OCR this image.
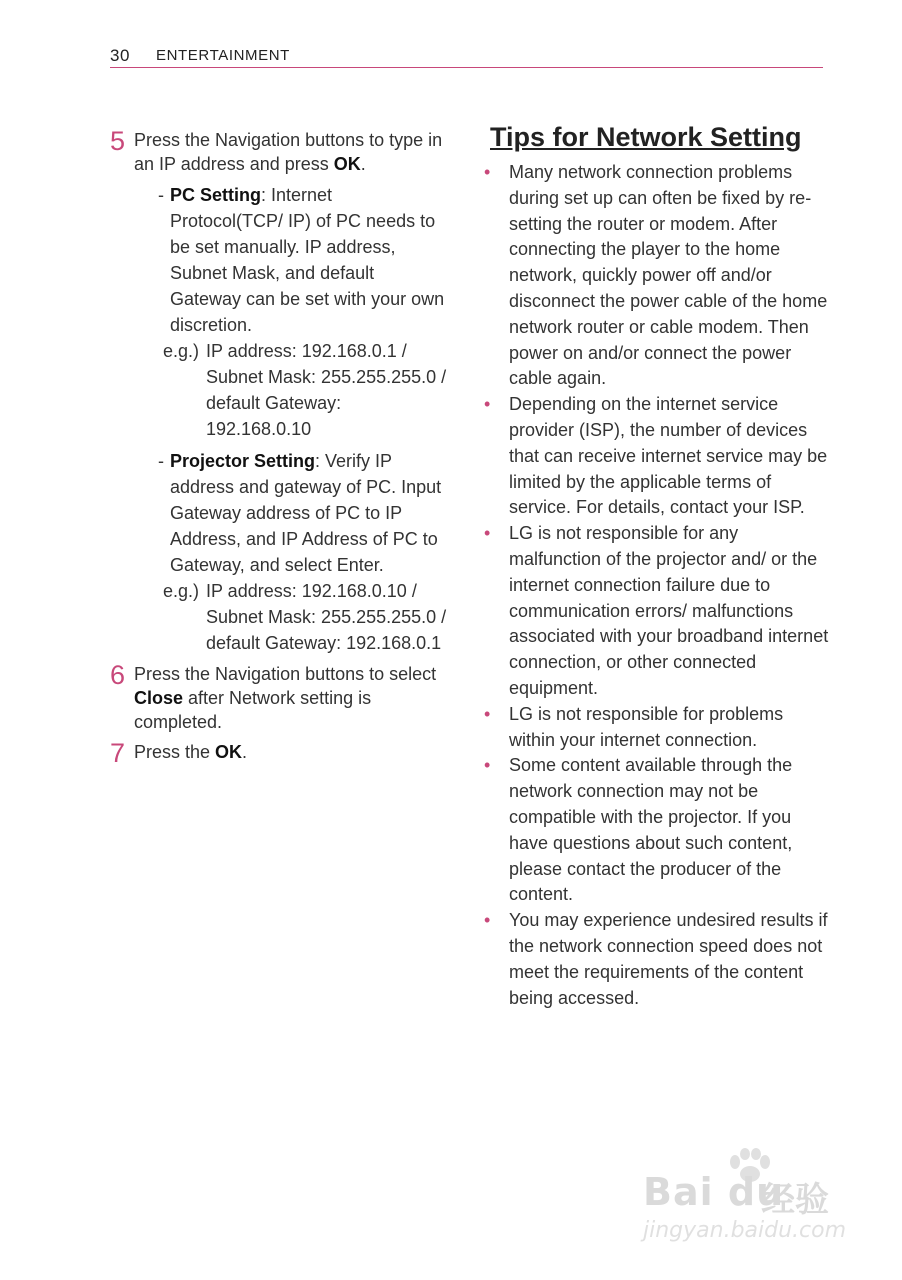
30 ENTERTAINMENT
5 Press the Navigation buttons to type in an IP address and press OK.
- PC Setting: Internet Protocol(TCP/ IP) of PC needs to be set manually. IP address, Subnet Mask, and default Gateway can be set with your own discretion.
e.g.) IP address: 192.168.0.1 / Subnet Mask: 255.255.255.0 / default Gateway: 192.168.0.10
- Projector Setting: Verify IP address and gateway of PC. Input Gateway address of PC to IP Address, and IP Address of PC to Gateway, and select Enter.
e.g.) IP address: 192.168.0.10 / Subnet Mask: 255.255.255.0 / default Gateway: 192.168.0.1
6 Press the Navigation buttons to select Close after Network setting is completed.
7 Press the OK.
Tips for Network Setting
• Many network connection problems during set up can often be fixed by re-setting the router or modem. After connecting the player to the home network, quickly power off and/or disconnect the power cable of the home network router or cable modem. Then power on and/or connect the power cable again.
• Depending on the internet service provider (ISP), the number of devices that can receive internet service may be limited by the applicable terms of service. For details, contact your ISP.
• LG is not responsible for any malfunction of the projector and/ or the internet connection failure due to communication errors/ malfunctions associated with your broadband internet connection, or other connected equipment.
• LG is not responsible for problems within your internet connection.
• Some content available through the network connection may not be compatible with the projector. If you have questions about such content, please contact the producer of the content.
• You may experience undesired results if the network connection speed does not meet the requirements of the content being accessed.
Bai du
经验
jingyan.baidu.com
